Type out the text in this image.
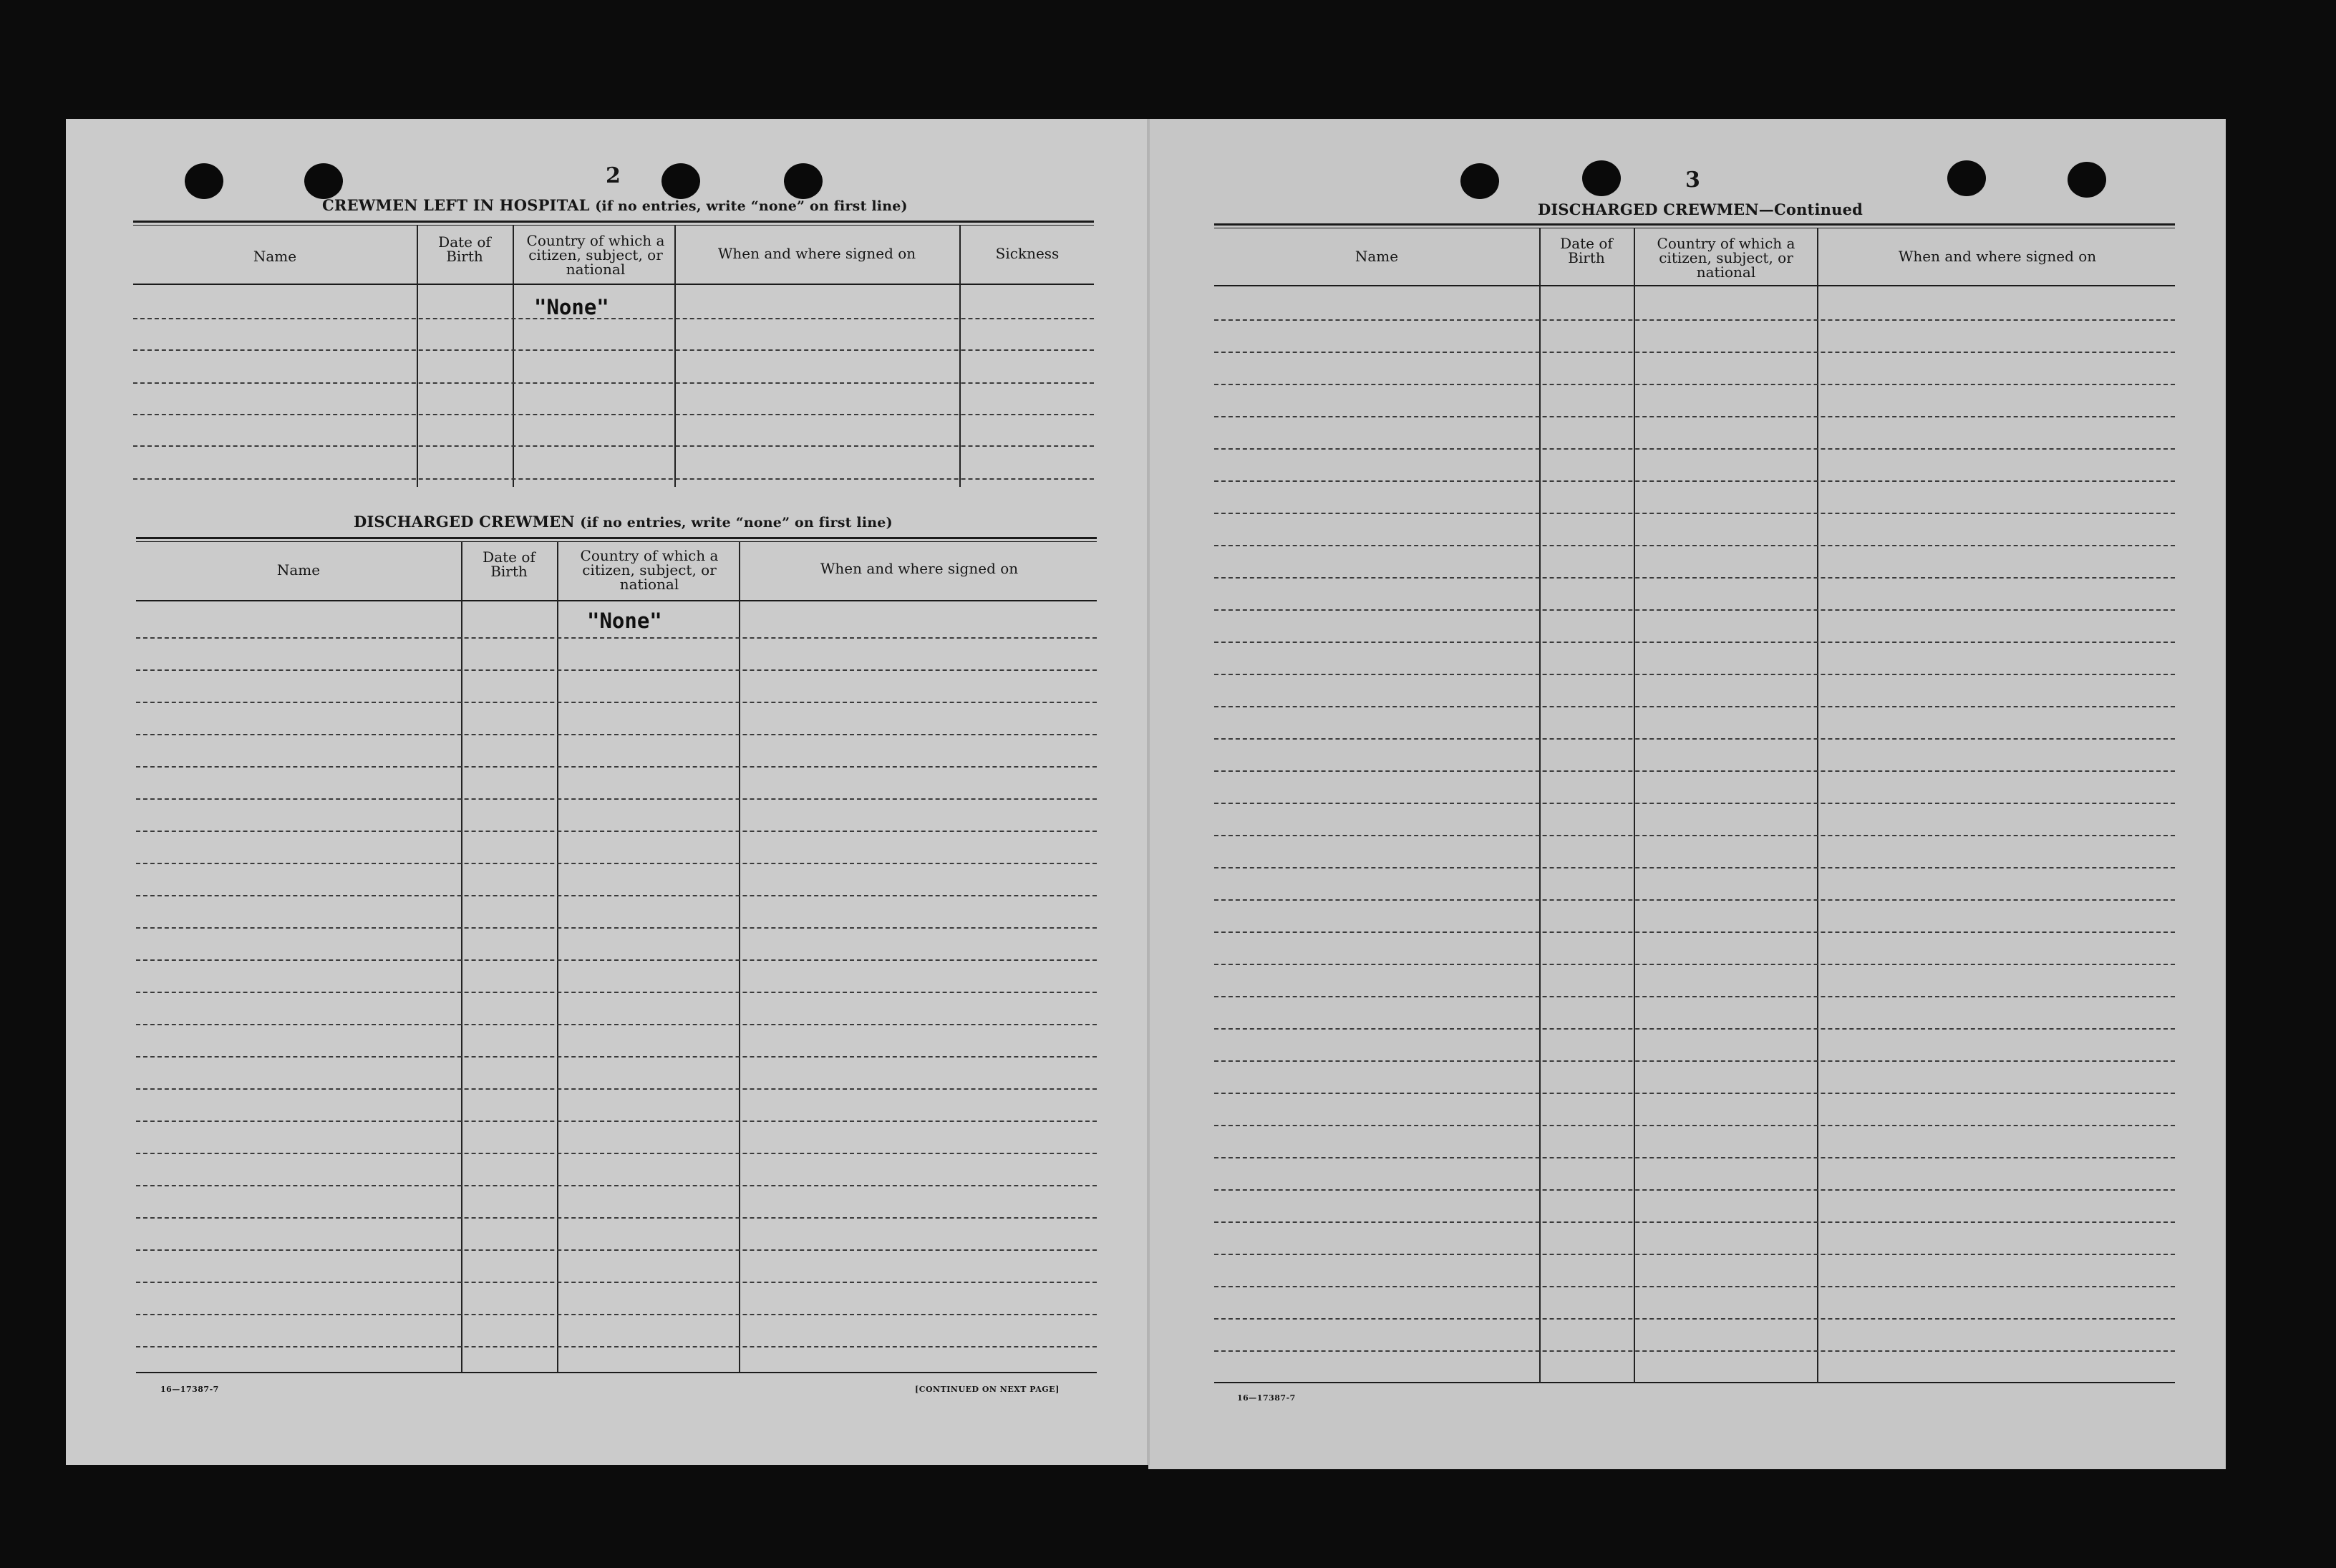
2
CREWMEN LEFT IN HOSPITAL (if no entries, write “none” on first line)
Name
Date of Birth
Country of which a citizen, subject, or national
When and where signed on	Sickness
"None"
DISCHARGED CREWMEN (if no entries, write “none” on first line)
Name
Date of Birth
Country of which a citizen, subject, or national
When and where signed on
"None"
16—17387-7	[CONTINUED ON NEXT PAGE]
3
DISCHARGED CREWMEN—Continued
Name
Date of Birth
Country of which a citizen, subject, or national
When and where signed on
16—17387-7
